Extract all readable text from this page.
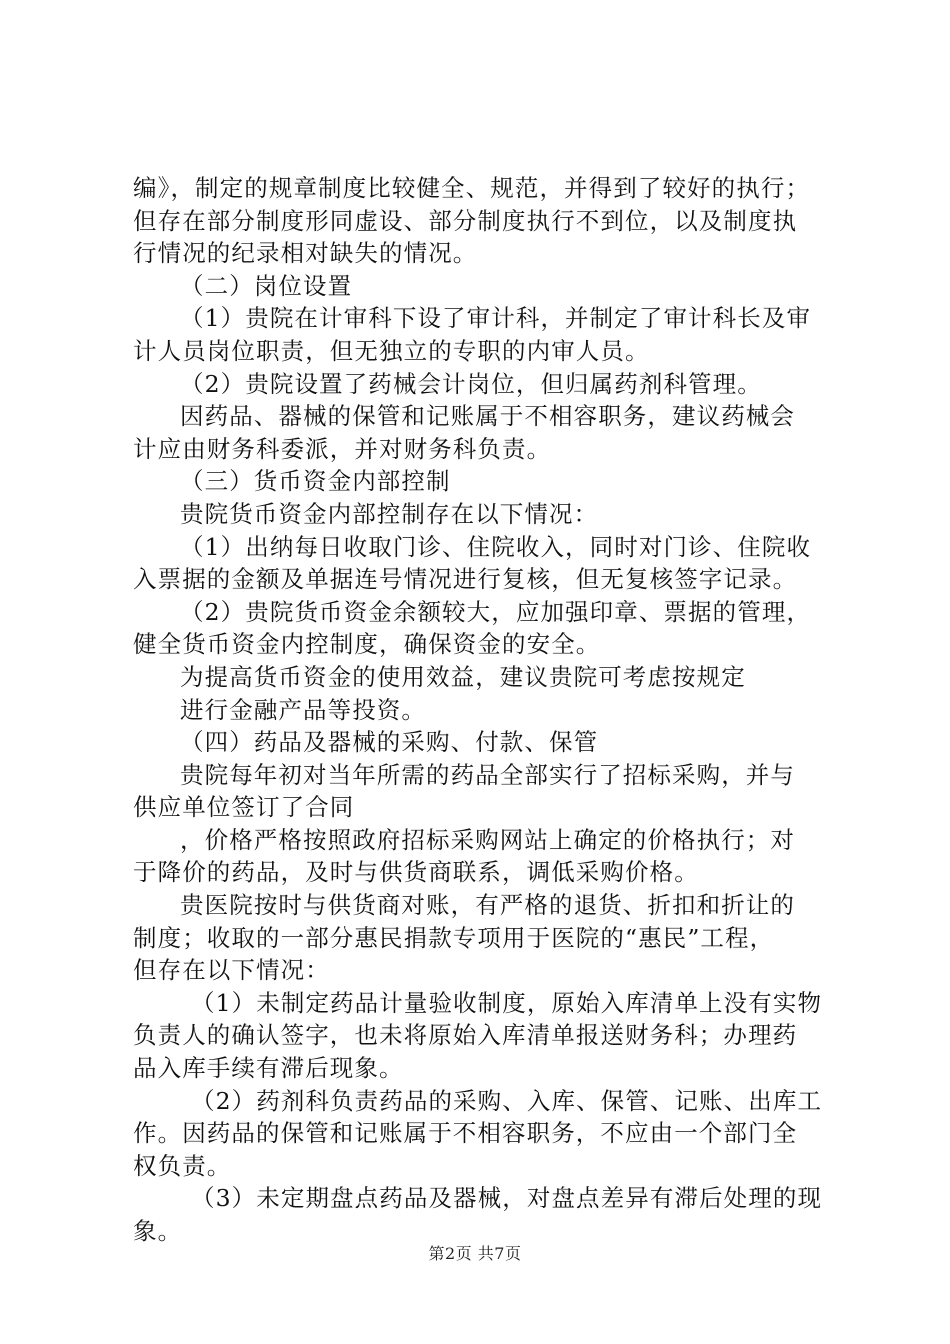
编》，制定的规章制度比较健全、规范，并得到了较好的执行；
但存在部分制度形同虚设、部分制度执行不到位，以及制度执
行情况的纪录相对缺失的情况。
（二）岗位设置
（1）贵院在计审科下设了审计科，并制定了审计科长及审
计人员岗位职责，但无独立的专职的内审人员。
（2）贵院设置了药械会计岗位，但归属药剂科管理。
因药品、器械的保管和记账属于不相容职务，建议药械会
计应由财务科委派，并对财务科负责。
（三）货币资金内部控制
贵院货币资金内部控制存在以下情况：
（1）出纳每日收取门诊、住院收入，同时对门诊、住院收
入票据的金额及单据连号情况进行复核，但无复核签字记录。
（2）贵院货币资金余额较大，应加强印章、票据的管理，
健全货币资金内控制度，确保资金的安全。
为提高货币资金的使用效益，建议贵院可考虑按规定
进行金融产品等投资。
（四）药品及器械的采购、付款、保管
贵院每年初对当年所需的药品全部实行了招标采购，并与
供应单位签订了合同
，价格严格按照政府招标采购网站上确定的价格执行；对
于降价的药品，及时与供货商联系，调低采购价格。
贵医院按时与供货商对账，有严格的退货、折扣和折让的
制度；收取的一部分惠民捐款专项用于医院的“惠民”工程，
但存在以下情况：
（1）未制定药品计量验收制度，原始入库清单上没有实物
负责人的确认签字，也未将原始入库清单报送财务科；办理药
品入库手续有滞后现象。
（2）药剂科负责药品的采购、入库、保管、记账、出库工
作。因药品的保管和记账属于不相容职务，不应由一个部门全
权负责。
（3）未定期盘点药品及器械，对盘点差异有滞后处理的现
象。
第2页 共7页
